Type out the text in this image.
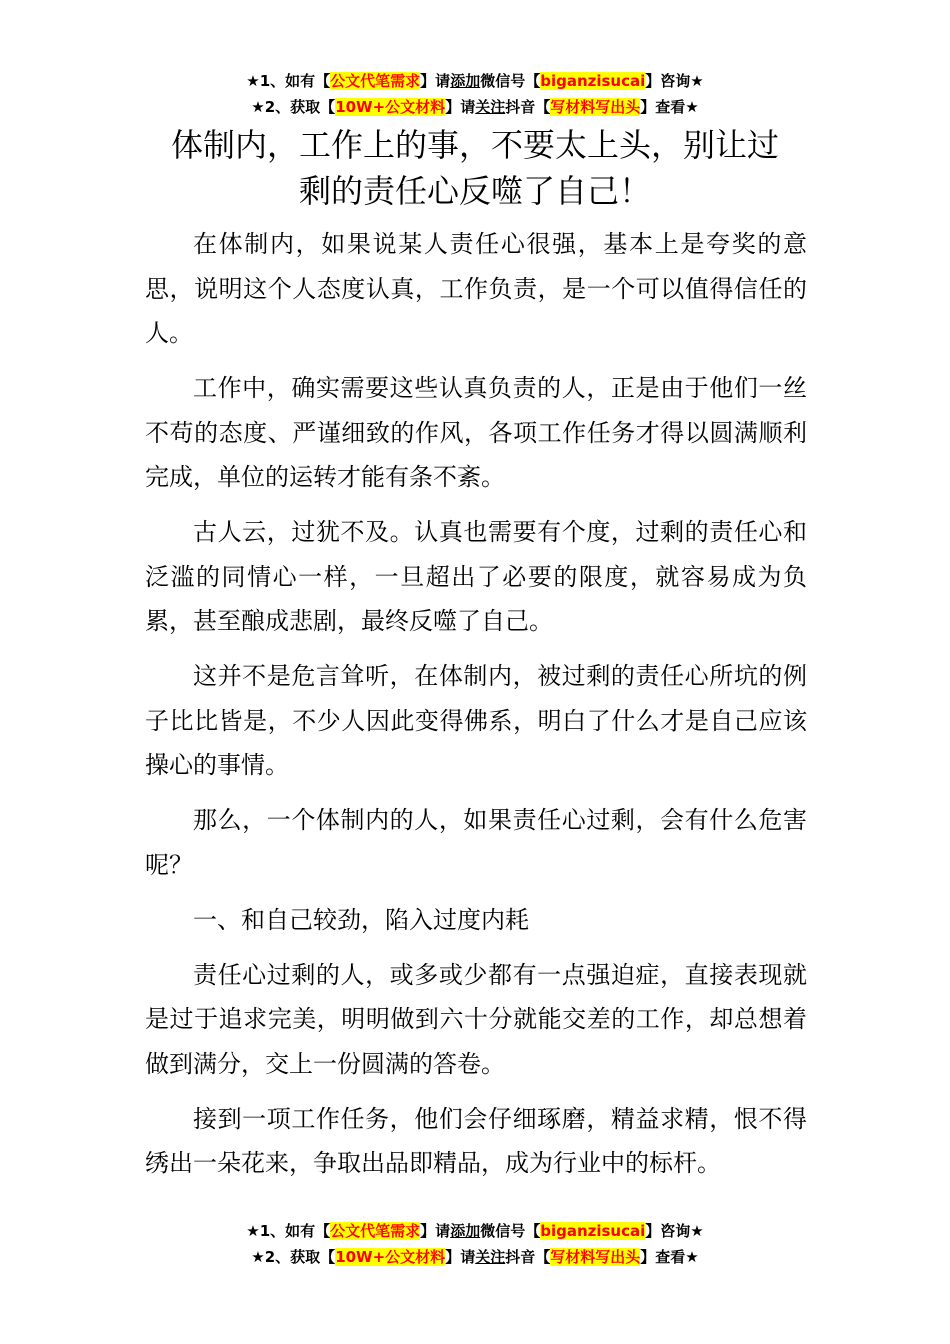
★1、如有【公文代笔需求】请添加微信号【biganzisucai】咨询★
★2、获取【10W+公文材料】请关注抖音【写材料写出头】查看★
体制内，工作上的事，不要太上头，别让过
剩的责任心反噬了自己！

在体制内，如果说某人责任心很强，基本上是夸奖的意思，说明这个人态度认真，工作负责，是一个可以值得信任的人。

工作中，确实需要这些认真负责的人，正是由于他们一丝不苟的态度、严谨细致的作风，各项工作任务才得以圆满顺利完成，单位的运转才能有条不紊。

古人云，过犹不及。认真也需要有个度，过剩的责任心和泛滥的同情心一样，一旦超出了必要的限度，就容易成为负累，甚至酿成悲剧，最终反噬了自己。

这并不是危言耸听，在体制内，被过剩的责任心所坑的例子比比皆是，不少人因此变得佛系，明白了什么才是自己应该操心的事情。

那么，一个体制内的人，如果责任心过剩，会有什么危害呢？

一、和自己较劲，陷入过度内耗

责任心过剩的人，或多或少都有一点强迫症，直接表现就是过于追求完美，明明做到六十分就能交差的工作，却总想着做到满分，交上一份圆满的答卷。

接到一项工作任务，他们会仔细琢磨，精益求精，恨不得绣出一朵花来，争取出品即精品，成为行业中的标杆。

★1、如有【公文代笔需求】请添加微信号【biganzisucai】咨询★
★2、获取【10W+公文材料】请关注抖音【写材料写出头】查看★
